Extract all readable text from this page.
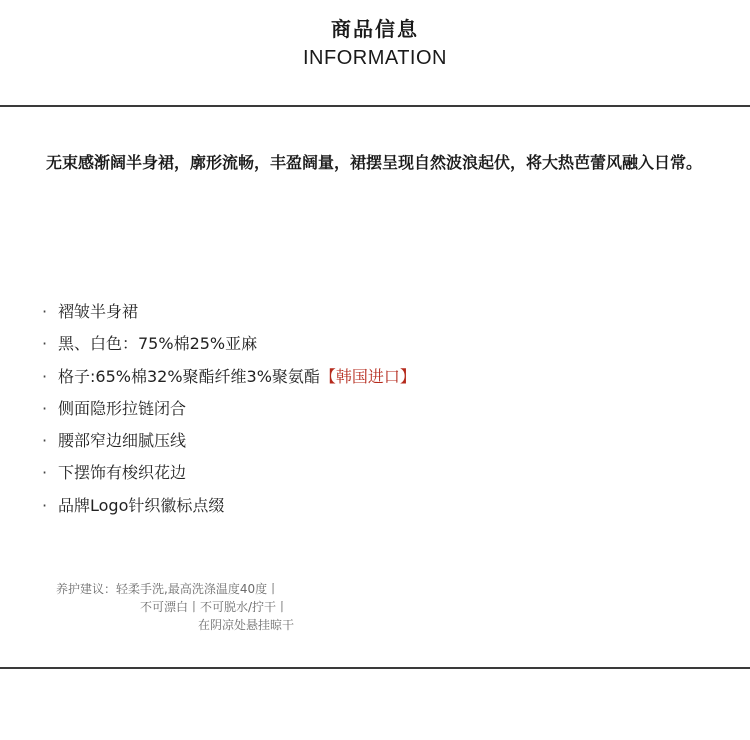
商品信息
INFORMATION
无束感渐阔半身裙，廓形流畅，丰盈阔量，裙摆呈现自然波浪起伏，将大热芭蕾风融入日常。
· 褶皱半身裙
· 黑、白色：75%棉25%亚麻
· 格子:65%棉32%聚酯纤维3%聚氨酯【韩国进口】
· 侧面隐形拉链闭合
· 腰部窄边细腻压线
· 下摆饰有梭织花边
· 品牌Logo针织徽标点缀
养护建议：轻柔手洗,最高洗涤温度40度丨
不可漂白丨不可脱水/拧干丨
在阴凉处悬挂晾干
